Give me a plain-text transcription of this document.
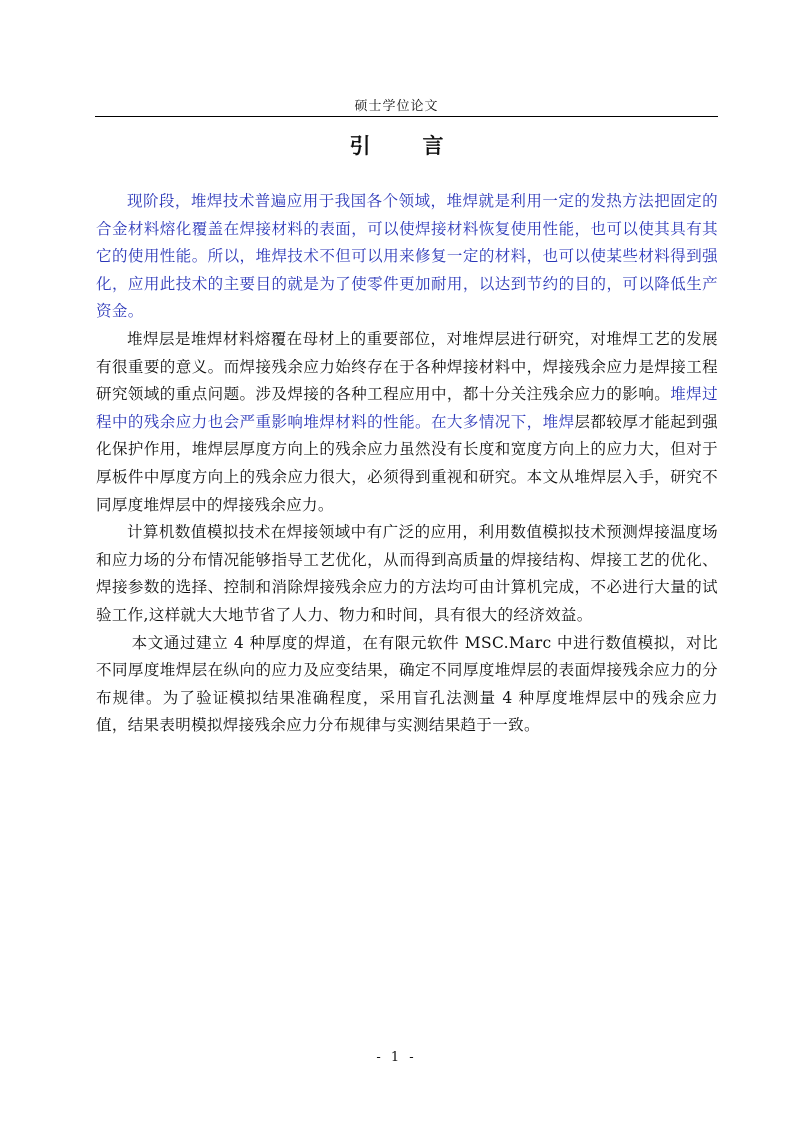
硕士学位论文
引 言

现阶段，堆焊技术普遍应用于我国各个领域，堆焊就是利用一定的发热方法把固定的合金材料熔化覆盖在焊接材料的表面，可以使焊接材料恢复使用性能，也可以使其具有其它的使用性能。所以，堆焊技术不但可以用来修复一定的材料，也可以使某些材料得到强化，应用此技术的主要目的就是为了使零件更加耐用，以达到节约的目的，可以降低生产资金。

堆焊层是堆焊材料熔覆在母材上的重要部位，对堆焊层进行研究，对堆焊工艺的发展有很重要的意义。而焊接残余应力始终存在于各种焊接材料中，焊接残余应力是焊接工程研究领域的重点问题。涉及焊接的各种工程应用中，都十分关注残余应力的影响。堆焊过程中的残余应力也会严重影响堆焊材料的性能。在大多情况下，堆焊层都较厚才能起到强化保护作用，堆焊层厚度方向上的残余应力虽然没有长度和宽度方向上的应力大，但对于厚板件中厚度方向上的残余应力很大，必须得到重视和研究。本文从堆焊层入手，研究不同厚度堆焊层中的焊接残余应力。

计算机数值模拟技术在焊接领域中有广泛的应用，利用数值模拟技术预测焊接温度场和应力场的分布情况能够指导工艺优化，从而得到高质量的焊接结构、焊接工艺的优化、焊接参数的选择、控制和消除焊接残余应力的方法均可由计算机完成，不必进行大量的试验工作,这样就大大地节省了人力、物力和时间，具有很大的经济效益。

本文通过建立 4 种厚度的焊道，在有限元软件 MSC.Marc 中进行数值模拟，对比不同厚度堆焊层在纵向的应力及应变结果，确定不同厚度堆焊层的表面焊接残余应力的分布规律。为了验证模拟结果准确程度，采用盲孔法测量 4 种厚度堆焊层中的残余应力值，结果表明模拟焊接残余应力分布规律与实测结果趋于一致。

- 1 -
